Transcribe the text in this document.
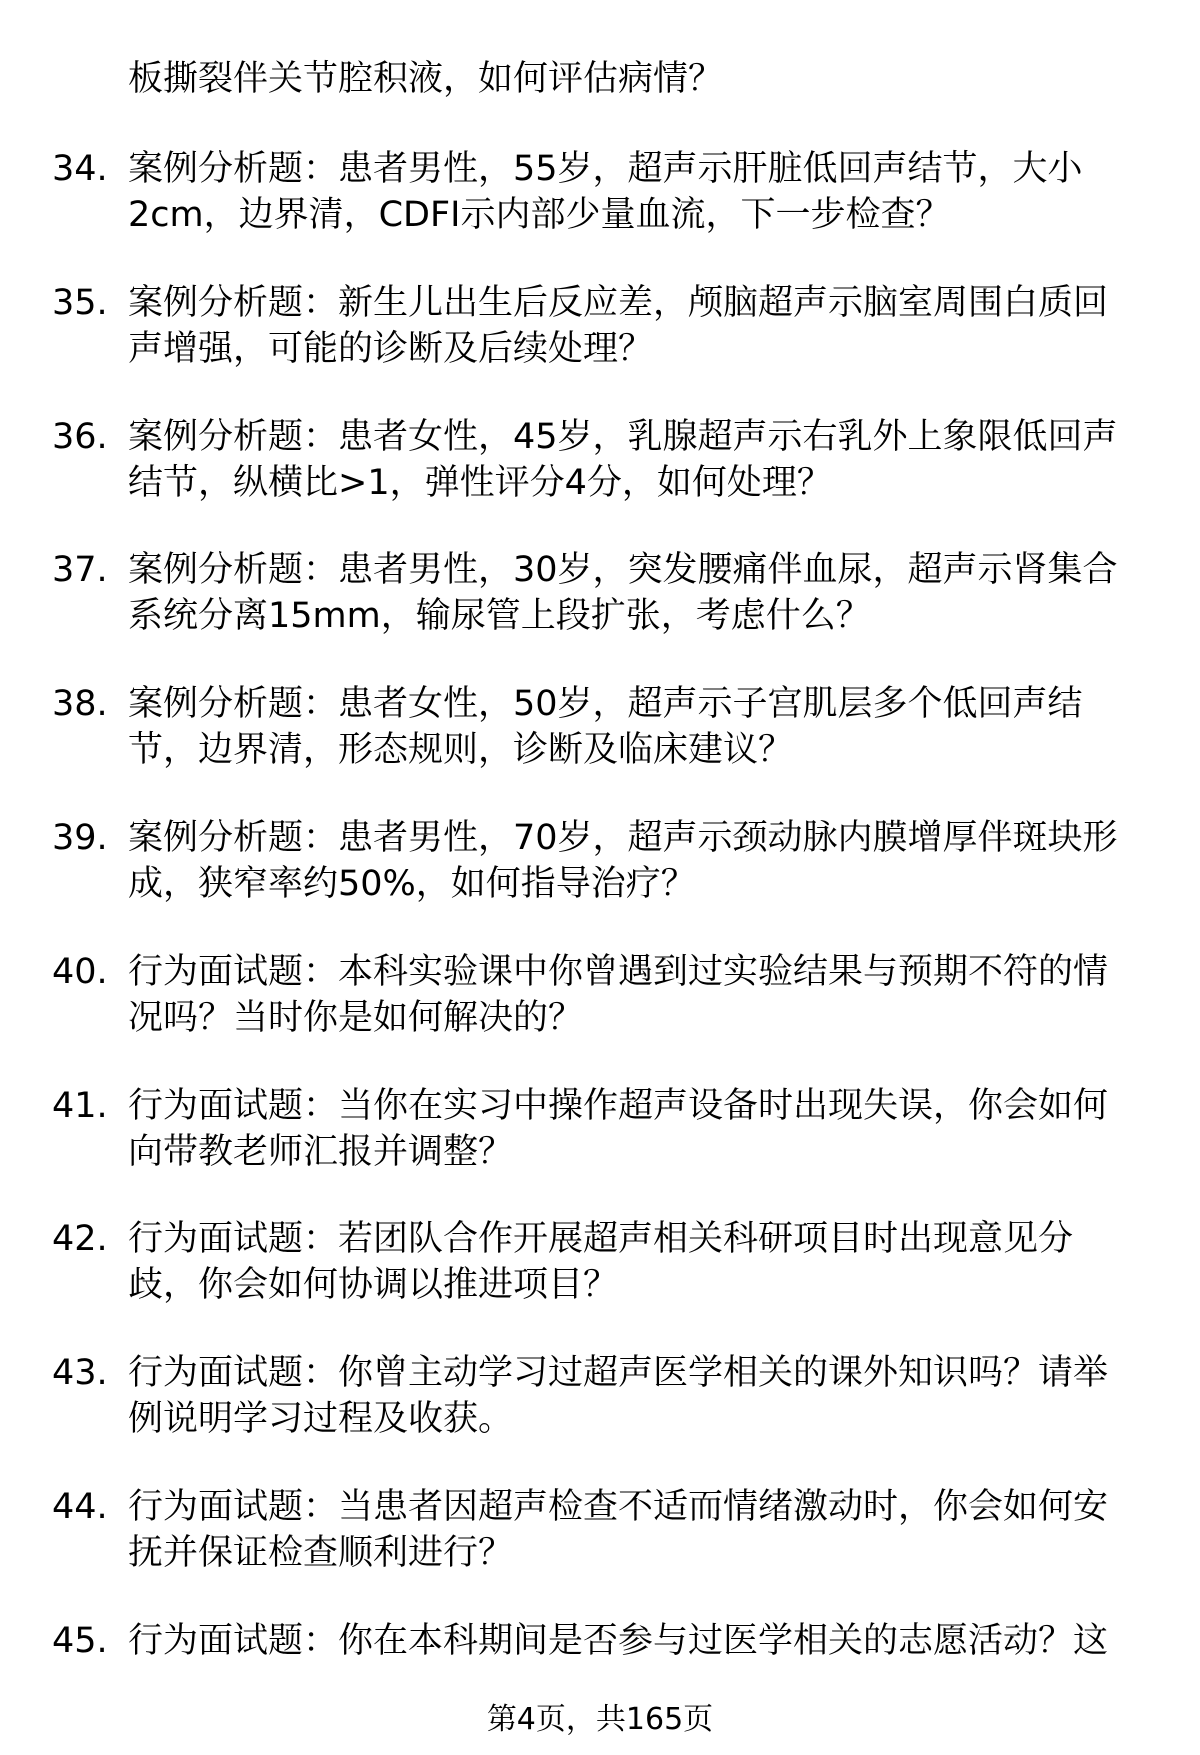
板撕裂伴关节腔积液，如何评估病情？
34. 案例分析题：患者男性，55岁，超声示肝脏低回声结节，大小
2cm，边界清，CDFI示内部少量血流，下一步检查？
35. 案例分析题：新生儿出生后反应差，颅脑超声示脑室周围白质回
声增强，可能的诊断及后续处理？
36. 案例分析题：患者女性，45岁，乳腺超声示右乳外上象限低回声
结节，纵横比>1，弹性评分4分，如何处理？
37. 案例分析题：患者男性，30岁，突发腰痛伴血尿，超声示肾集合
系统分离15mm，输尿管上段扩张，考虑什么？
38. 案例分析题：患者女性，50岁，超声示子宫肌层多个低回声结
节，边界清，形态规则，诊断及临床建议？
39. 案例分析题：患者男性，70岁，超声示颈动脉内膜增厚伴斑块形
成，狭窄率约50%，如何指导治疗？
40. 行为面试题：本科实验课中你曾遇到过实验结果与预期不符的情
况吗？当时你是如何解决的？
41. 行为面试题：当你在实习中操作超声设备时出现失误，你会如何
向带教老师汇报并调整？
42. 行为面试题：若团队合作开展超声相关科研项目时出现意见分
歧，你会如何协调以推进项目？
43. 行为面试题：你曾主动学习过超声医学相关的课外知识吗？请举
例说明学习过程及收获。
44. 行为面试题：当患者因超声检查不适而情绪激动时，你会如何安
抚并保证检查顺利进行？
45. 行为面试题：你在本科期间是否参与过医学相关的志愿活动？这
第4页，共165页
